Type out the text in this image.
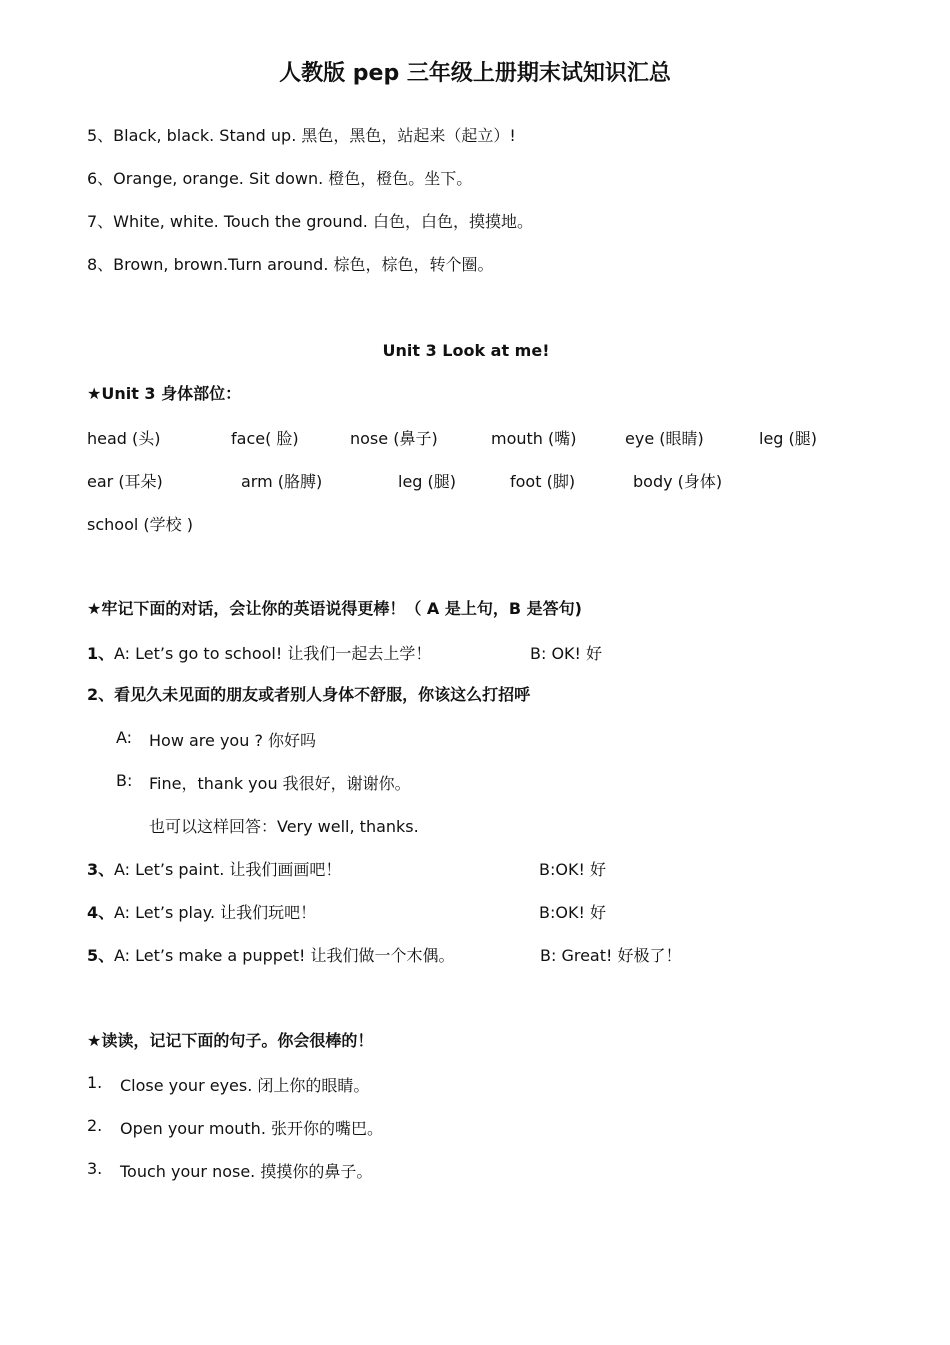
人教版 pep 三年级上册期末试知识汇总
5、Black, black. Stand up. 黑色，黑色，站起来（起立）!
6、Orange, orange. Sit down. 橙色，橙色。坐下。
7、White, white. Touch the ground. 白色，白色，摸摸地。
8、Brown, brown.Turn around. 棕色，棕色，转个圈。
Unit 3 Look at me!
★Unit 3 身体部位：
head (头)	face( 脸)	nose (鼻子)	mouth (嘴)	eye (眼睛)	leg (腿)
ear (耳朵)	arm (胳膊)	leg (腿)	foot (脚)	body (身体)
school (学校 )
★牢记下面的对话，会让你的英语说得更棒！（ A 是上句，B 是答句)
1、 A: Let’s go to school! 让我们一起去上学！	B: OK! 好
2、看见久未见面的朋友或者别人身体不舒服，你该这么打招呼
A: How are you ? 你好吗
B: Fine，thank you 我很好，谢谢你。
也可以这样回答：Very well, thanks.
3、 A: Let’s paint. 让我们画画吧！	B:OK! 好
4、 A: Let’s play. 让我们玩吧！	B:OK! 好
5、 A: Let’s make a puppet! 让我们做一个木偶。	B: Great! 好极了！
★读读，记记下面的句子。你会很棒的！
1. Close your eyes. 闭上你的眼睛。
2. Open your mouth. 张开你的嘴巴。
3. Touch your nose. 摸摸你的鼻子。
